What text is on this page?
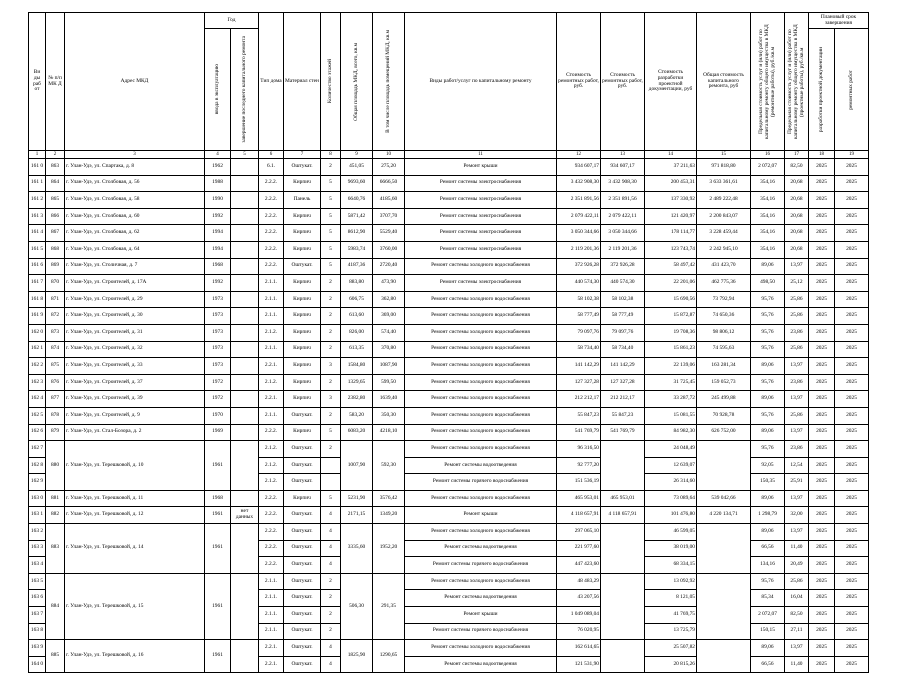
Ви ды раб от	№ п/п МК Д	Адрес МКД	Год		Тип дома	Материал стен	Количество этажей	Общая площадь МКД, всего, кв.м	В том числе площадь помещений МКД, кв.м	Виды работ/услуг по капитальному ремонту	Стоимость ремонтных работ, руб.	Стоимость ремонтных работ, руб.	Стоимость разработки проектной документации, руб	Общая стоимость капитального ремонта, руб	Предельная стоимость услуг и (или) работ по капитальному ремонту общего имущества в МКД (ремонтные работы), руб./кв.м	Предельная стоимость услуг и (или) работ по капитальному ремонту общего имущества в МКД (проектные работы), руб./кв.м	Плановый срок завершения	

			ввода в эксплуатацию	завершение последнего капитального ремонта													разработки проектной документации	ремонтных работ

1	2	3	4	5	6	7	8	9	10	11	12	13	14	15	16	17	18	19
161 0	863	г. Улан-Удэ, ул. Спартака, д. 8	1962		6.1.	Оштукат.	2	451,05	275,20	Ремонт крыши	934 607,17	934 607,17	37 211,63	971 818,80	2 072,07	82,50	2025	2025
161 1	864	г. Улан-Удэ, ул. Столбовая, д. 56	1988		2.2.2.	Кирпич	5	9693,60	6666,50	Ремонт системы электроснабжения	3 432 908,30	3 432 908,30	200 453,31	3 633 361,61	354,16	20,68	2025	2025
161 2	865	г. Улан-Удэ, ул. Столбовая, д. 58	1990		2.2.2.	Панель	5	6640,76	4185,60	Ремонт системы электроснабжения	2 351 891,56	2 351 891,56	137 330,92	2 489 222,48	354,16	20,68	2025	2025
161 3	866	г. Улан-Удэ, ул. Столбовая, д. 60	1992		2.2.2.	Кирпич	5	5871,42	3707,70	Ремонт системы электроснабжения	2 079 422,11	2 079 422,11	121 420,97	2 200 843,07	354,16	20,68	2025	2025
161 4	867	г. Улан-Удэ, ул. Столбовая, д. 62	1994		2.2.2.	Кирпич	5	8612,90	5529,40	Ремонт системы электроснабжения	3 050 344,66	3 050 344,66	178 114,77	3 228 459,44	354,16	20,68	2025	2025
161 5	868	г. Улан-Удэ, ул. Столбовая, д. 64	1994		2.2.2.	Кирпич	5	5983,74	3760,00	Ремонт системы электроснабжения	2 119 201,36	2 119 201,36	123 743,74	2 242 945,10	354,16	20,68	2025	2025
161 6	869	г. Улан-Удэ, ул. Столичная, д. 7	1968		2.2.2.	Оштукат.	5	4187,36	2720,40	Ремонт системы холодного водоснабжения	372 926,28	372 926,28	58 497,42	431 423,70	89,06	13,97	2025	2025
161 7	870	г. Улан-Удэ, ул. Строителей, д. 17А	1992		2.1.1.	Кирпич	2	883,80	473,90	Ремонт системы электроснабжения	440 574,30	440 574,30	22 201,06	462 775,36	498,50	25,12	2025	2025
161 8	871	г. Улан-Удэ, ул. Строителей, д. 29	1973		2.1.1.	Кирпич	2	606,75	362,80	Ремонт системы холодного водоснабжения	58 102,38	58 102,38	15 690,56	73 792,94	95,76	25,86	2025	2025
161 9	872	г. Улан-Удэ, ул. Строителей, д. 30	1973		2.1.1.	Кирпич	2	613,60	369,00	Ремонт системы холодного водоснабжения	58 777,49	58 777,49	15 872,87	74 650,36	95,76	25,86	2025	2025
162 0	873	г. Улан-Удэ, ул. Строителей, д. 31	1973		2.1.2.	Кирпич	2	826,00	574,40	Ремонт системы холодного водоснабжения	79 097,76	79 097,76	19 708,36	98 806,12	95,76	23,86	2025	2025
162 1	874	г. Улан-Удэ, ул. Строителей, д. 32	1973		2.1.1.	Кирпич	2	613,35	370,80	Ремонт системы холодного водоснабжения	58 734,40	58 734,40	15 861,23	74 595,63	95,76	25,86	2025	2025
162 2	875	г. Улан-Удэ, ул. Строителей, д. 33	1973		2.2.1.	Кирпич	3	1584,80	1087,90	Ремонт системы холодного водоснабжения	141 142,29	141 142,29	22 139,06	163 281,34	89,06	13,97	2025	2025
162 3	876	г. Улан-Удэ, ул. Строителей, д. 37	1972		2.1.2.	Кирпич	2	1329,65	599,50	Ремонт системы холодного водоснабжения	127 327,28	127 327,28	31 725,45	159 052,73	95,76	23,86	2025	2025
162 4	877	г. Улан-Удэ, ул. Строителей, д. 39	1972		2.2.1.	Кирпич	3	2382,80	1639,40	Ремонт системы холодного водоснабжения	212 212,17	212 212,17	33 287,72	245 499,88	89,06	13,97	2025	2025
162 5	878	г. Улан-Удэ, ул. Строителей, д. 9	1970		2.1.1.	Оштукат.	2	583,20	350,30	Ремонт системы холодного водоснабжения	55 847,23	55 847,23	15 081,55	70 928,78	95,76	25,86	2025	2025
162 6	879	г. Улан-Удэ, ул. Стал-Бозора, д. 2	1969		2.2.2.	Кирпич	5	6083,20	4218,10	Ремонт системы холодного водоснабжения	541 769,79	541 769,79	84 982,30	626 752,00	89,06	13,97	2025	2025
162 7	880	г. Улан-Удэ, ул. Терешковой, д. 10	1961		2.1.2.	Оштукат.	2	1007,90	592,30	Ремонт системы холодного водоснабжения	96 316,50		24 048,49		95,76	23,86	2025	2025
162 8					2.1.2.	Оштукат.				Ремонт системы водоотведения	92 777,20		12 639,07		92,05	12,54	2025	2025
162 9					2.1.2.	Оштукат.				Ремонт системы горячего водоснабжения	151 536,19		26 314,60		150,35	25,91	2025	2025
163 0	881	г. Улан-Удэ, ул. Терешковой, д. 11	1968		2.2.2.	Кирпич	5	5231,90	3576,42	Ремонт системы холодного водоснабжения	465 953,01	465 953,01	73 089,64	539 042,66	89,06	13,97	2025	2025
163 1	882	г. Улан-Удэ, ул. Терешковой, д. 12	1961	нет данных	2.2.2.	Оштукат.	4	2171,15	1349,20	Ремонт крыши	4 118 657,91	4 118 657,91	101 476,80	4 220 134,71	1 298,79	32,00	2025	2025
163 2	883	г. Улан-Удэ, ул. Терешковой, д. 14	1961		2.2.2.	Оштукат.	4	3335,60	1952,20	Ремонт системы холодного водоснабжения	297 065,10		46 599,05		89,06	13,97	2025	2025
163 3					2.2.2.	Оштукат.	4			Ремонт системы водоотведения	221 977,60		38 019,00		66,56	11,40	2025	2025
163 4					2.2.2.	Оштукат.	4			Ремонт системы горячего водоснабжения	447 423,60		68 334,15		134,16	20,49	2025	2025
163 5	884	г. Улан-Удэ, ул. Терешковой, д. 15	1961		2.1.1.	Оштукат.	2	506,30	291,35	Ремонт системы холодного водоснабжения	48 483,29		13 092,92		95,76	25,86	2025	2025
163 6					2.1.1.	Оштукат.	2			Ремонт системы водоотведения	43 207,56		8 121,05		85,34	16,04	2025	2025
163 7					2.1.1.	Оштукат.	2			Ремонт крыши	1 049 089,04		41 769,75		2 072,07	82,50	2025	2025
163 8					2.1.1.	Оштукат.	2			Ремонт системы горячего водоснабжения	76 020,95		13 725,79		150,15	27,11	2025	2025
163 9	885	г. Улан-Удэ, ул. Терешковой, д. 16	1961		2.2.1.	Оштукат.	4	1825,90	1290,65	Ремонт системы холодного водоснабжения	162 614,65		25 507,82		89,06	13,97	2025	2025
164 0					2.2.1.	Оштукат.	4			Ремонт системы водоотведения	121 531,90		20 815,26		66,56	11,40	2025	2025
